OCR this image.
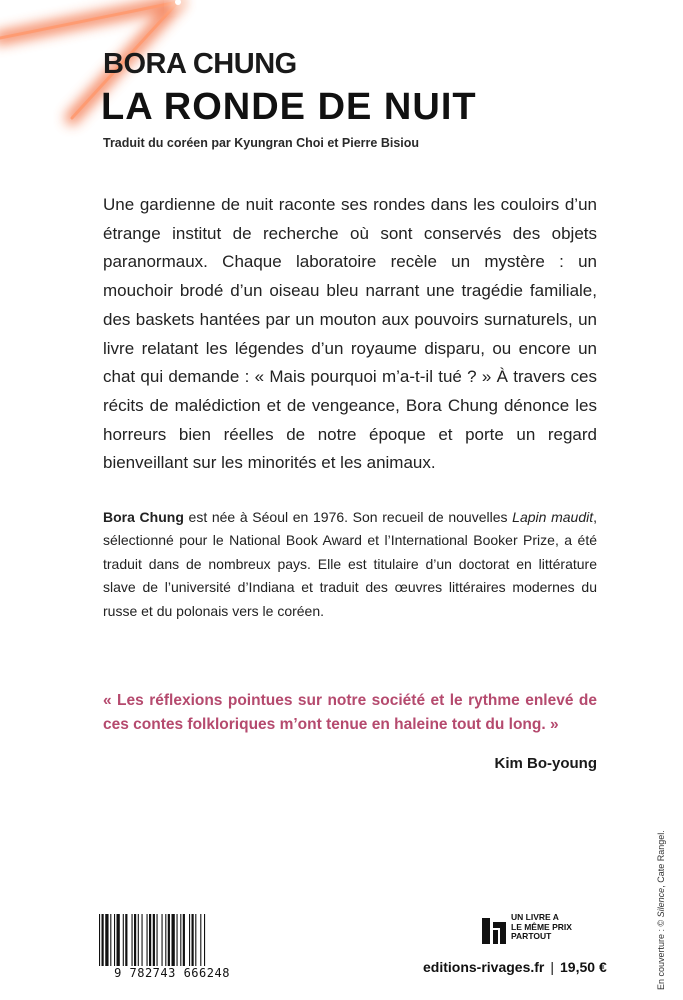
BORA CHUNG
LA RONDE DE NUIT
Traduit du coréen par Kyungran Choi et Pierre Bisiou

Une gardienne de nuit raconte ses rondes dans les couloirs d’un étrange institut de recherche où sont conservés des objets paranormaux. Chaque laboratoire recèle un mystère : un mouchoir brodé d’un oiseau bleu narrant une tragédie familiale, des baskets hantées par un mouton aux pouvoirs surnaturels, un livre relatant les légendes d’un royaume disparu, ou encore un chat qui demande : « Mais pourquoi m’a-t-il tué ? » À travers ces récits de malédiction et de vengeance, Bora Chung dénonce les horreurs bien réelles de notre époque et porte un regard bienveillant sur les minorités et les animaux.

Bora Chung est née à Séoul en 1976. Son recueil de nouvelles Lapin maudit, sélectionné pour le National Book Award et l’International Booker Prize, a été traduit dans de nombreux pays. Elle est titulaire d’un doctorat en littérature slave de l’université d’Indiana et traduit des œuvres littéraires modernes du russe et du polonais vers le coréen.

« Les réflexions pointues sur notre société et le rythme enlevé de ces contes folkloriques m’ont tenue en haleine tout du long. »

Kim Bo-young
9 782743 666248
UN LIVRE A
LE MÊME PRIX
PARTOUT
editions-rivages.fr | 19,50 €	En couverture : © Silence, Cate Rangel.
